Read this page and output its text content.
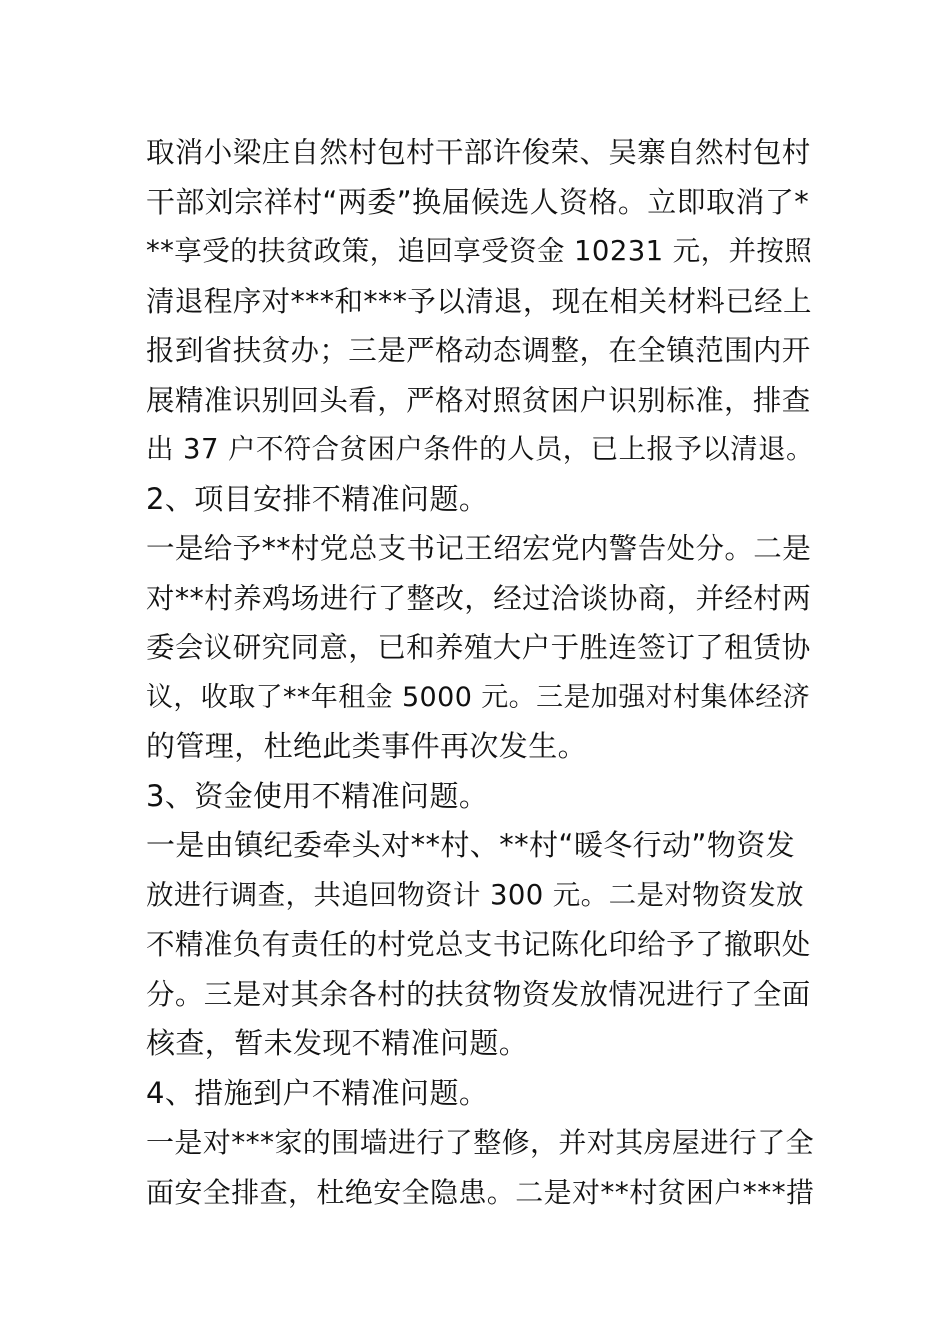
取消小梁庄自然村包村干部许俊荣、吴寨自然村包村
干部刘宗祥村“两委”换届候选人资格。立即取消了*
**享受的扶贫政策，追回享受资金 10231 元，并按照
清退程序对***和***予以清退，现在相关材料已经上
报到省扶贫办；三是严格动态调整，在全镇范围内开
展精准识别回头看，严格对照贫困户识别标准，排查
出 37 户不符合贫困户条件的人员，已上报予以清退。
2、项目安排不精准问题。
一是给予**村党总支书记王绍宏党内警告处分。二是
对**村养鸡场进行了整改，经过洽谈协商，并经村两
委会议研究同意，已和养殖大户于胜连签订了租赁协
议，收取了**年租金 5000 元。三是加强对村集体经济
的管理，杜绝此类事件再次发生。
3、资金使用不精准问题。
一是由镇纪委牵头对**村、**村“暖冬行动”物资发
放进行调查，共追回物资计 300 元。二是对物资发放
不精准负有责任的村党总支书记陈化印给予了撤职处
分。三是对其余各村的扶贫物资发放情况进行了全面
核查，暂未发现不精准问题。
4、措施到户不精准问题。
一是对***家的围墙进行了整修，并对其房屋进行了全
面安全排查，杜绝安全隐患。二是对**村贫困户***措
